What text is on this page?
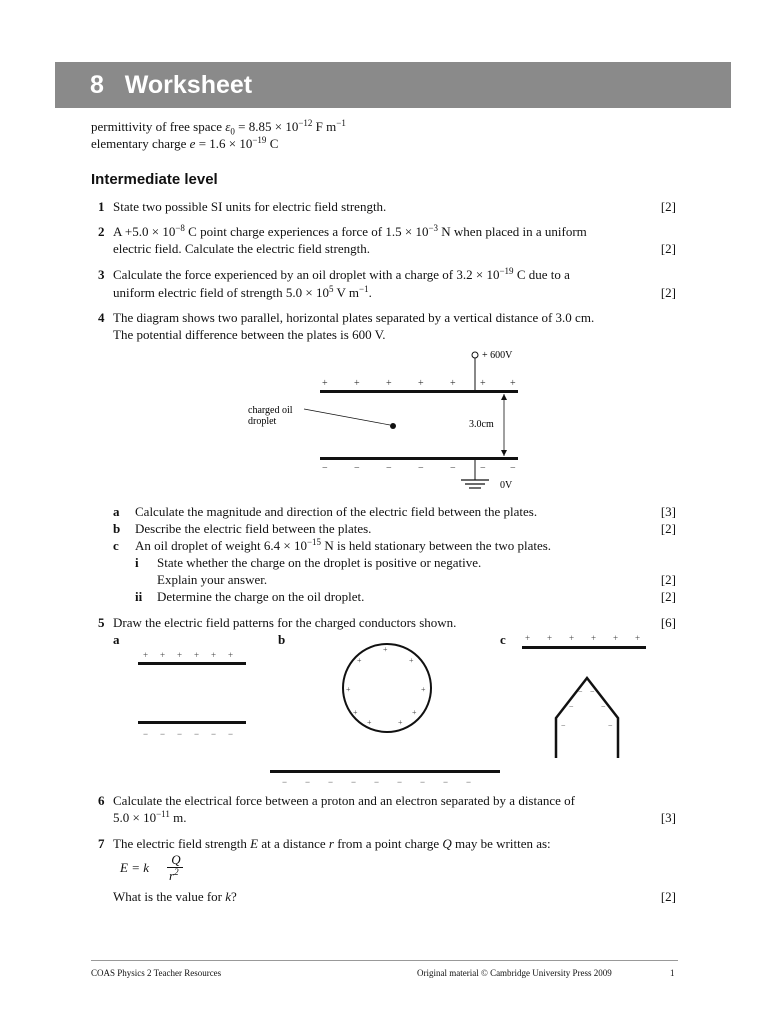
8   Worksheet
permittivity of free space $\varepsilon_0 = 8.85 \times 10^{-12}$ F $m^{-1}$
elementary charge $e = 1.6 \times 10^{-19}$ C
Intermediate level
1 State two possible SI units for electric field strength.	[2]
2 $A +5.0 \times 10^{-8}$ C point charge experiences a force of $1.5 \times 10^{-3}$ N when placed in a uniform
electric field. Calculate the electric field strength.	[2]
3 Calculate the force experienced by an oil droplet with a charge of $3.2 \times 10^{-19}$ C due to a
uniform electric field of strength $5.0 \times 10^5$ V $m^{-1}$.	[2]
4 The diagram shows two parallel, horizontal plates separated by a vertical distance of 3.0 cm.
The potential difference between the plates is 600 V.
+ 600V
+	+	+	+	+ + +
3.0cm
charged oil
droplet
−	−	−	−	− − −
0V
a Calculate the magnitude and direction of the electric field between the plates.	[3]
b Describe the electric field between the plates.	[2]
c An oil droplet of weight $6.4 \times 10^{-15}$ N is held stationary between the two plates.
i State whether the charge on the droplet is positive or negative.
Explain your answer.	[2]
ii Determine the charge on the oil droplet.	[2]
5 Draw the electric field patterns for the charged conductors shown.	[6]
a	b	c
+ + + + + +
− − − − − −
+
+	+
+	+
+	+
+	+
− − − − − − − − −
+ + + + + +
− −
−	−
−	−
6 Calculate the electrical force between a proton and an electron separated by a distance of
$5.0 \times 10^{-11}$ m.	[3]
7 The electric field strength E at a distance r from a point charge Q may be written as:
E = k
Q
$r^2$
What is the value for k?	[2]
COAS Physics 2 Teacher Resources	Original material © Cambridge University Press 2009	1
